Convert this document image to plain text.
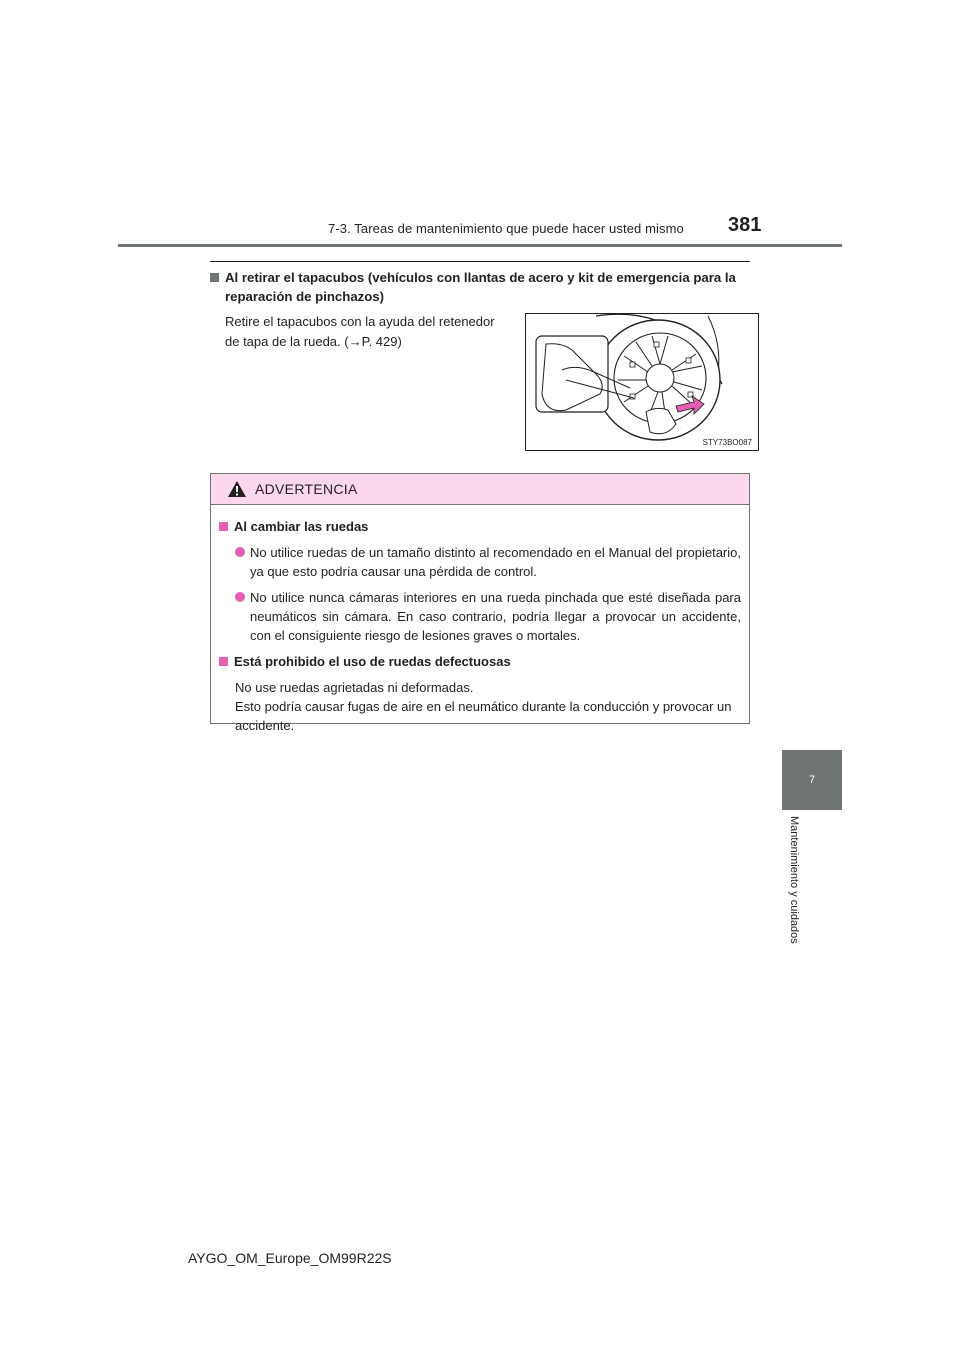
7-3. Tareas de mantenimiento que puede hacer usted mismo 381
Al retirar el tapacubos (vehículos con llantas de acero y kit de emergencia para la
reparación de pinchazos)
Retire el tapacubos con la ayuda del retenedor
de tapa de la rueda. (→P. 429)
STY73BO087
ADVERTENCIA
Al cambiar las ruedas
No utilice ruedas de un tamaño distinto al recomendado en el Manual del propietario, ya que esto podría causar una pérdida de control.
No utilice nunca cámaras interiores en una rueda pinchada que esté diseñada para neumáticos sin cámara. En caso contrario, podría llegar a provocar un accidente, con el consiguiente riesgo de lesiones graves o mortales.
Está prohibido el uso de ruedas defectuosas
No use ruedas agrietadas ni deformadas.
Esto podría causar fugas de aire en el neumático durante la conducción y provocar un accidente.
7
Mantenimiento y cuidados
AYGO_OM_Europe_OM99R22S
